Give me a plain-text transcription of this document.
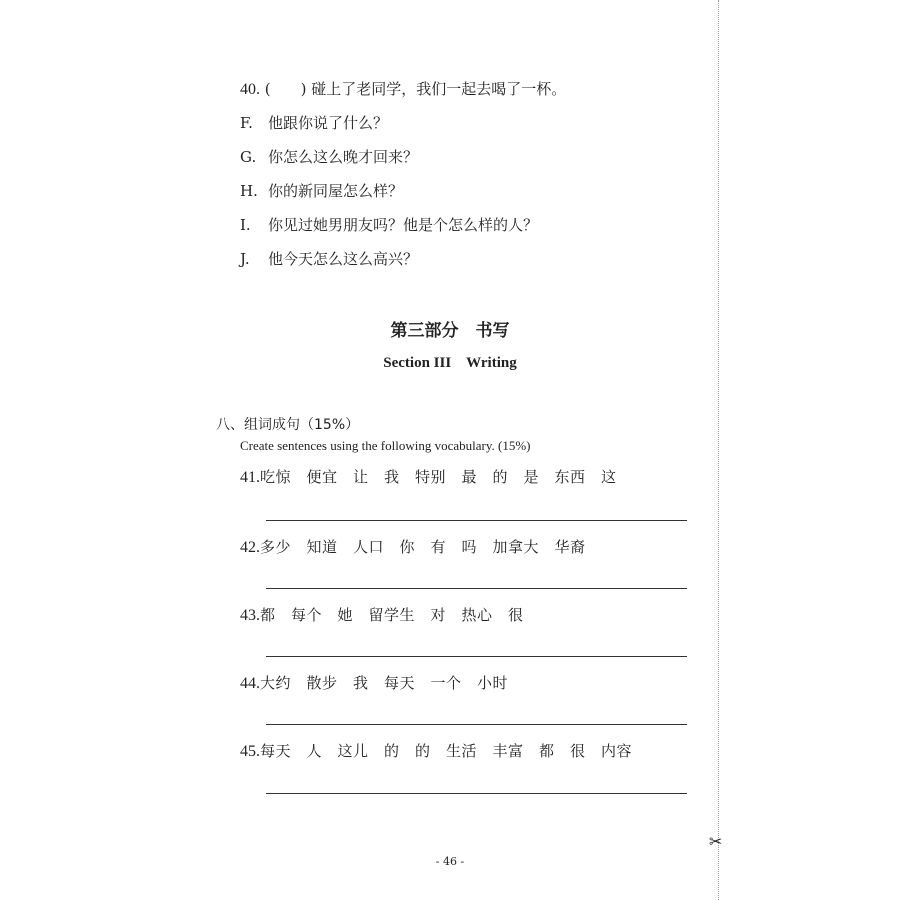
40. (　　) 碰上了老同学，我们一起去喝了一杯。
F. 他跟你说了什么？
G. 你怎么这么晚才回来？
H. 你的新同屋怎么样？
I. 你见过她男朋友吗？他是个怎么样的人？
J. 他今天怎么这么高兴？
第三部分　书写
Section III　Writing
八、组词成句（15%）
Create sentences using the following vocabulary. (15%)
41.吃惊　便宜　让　我　特别　最　的　是　东西　这
42.多少　知道　人口　你　有　吗　加拿大　华裔
43.都　每个　她　留学生　对　热心　很
44.大约　散步　我　每天　一个　小时
45.每天　人　这儿　的　的　生活　丰富　都　很　内容
- 46 -
✂
